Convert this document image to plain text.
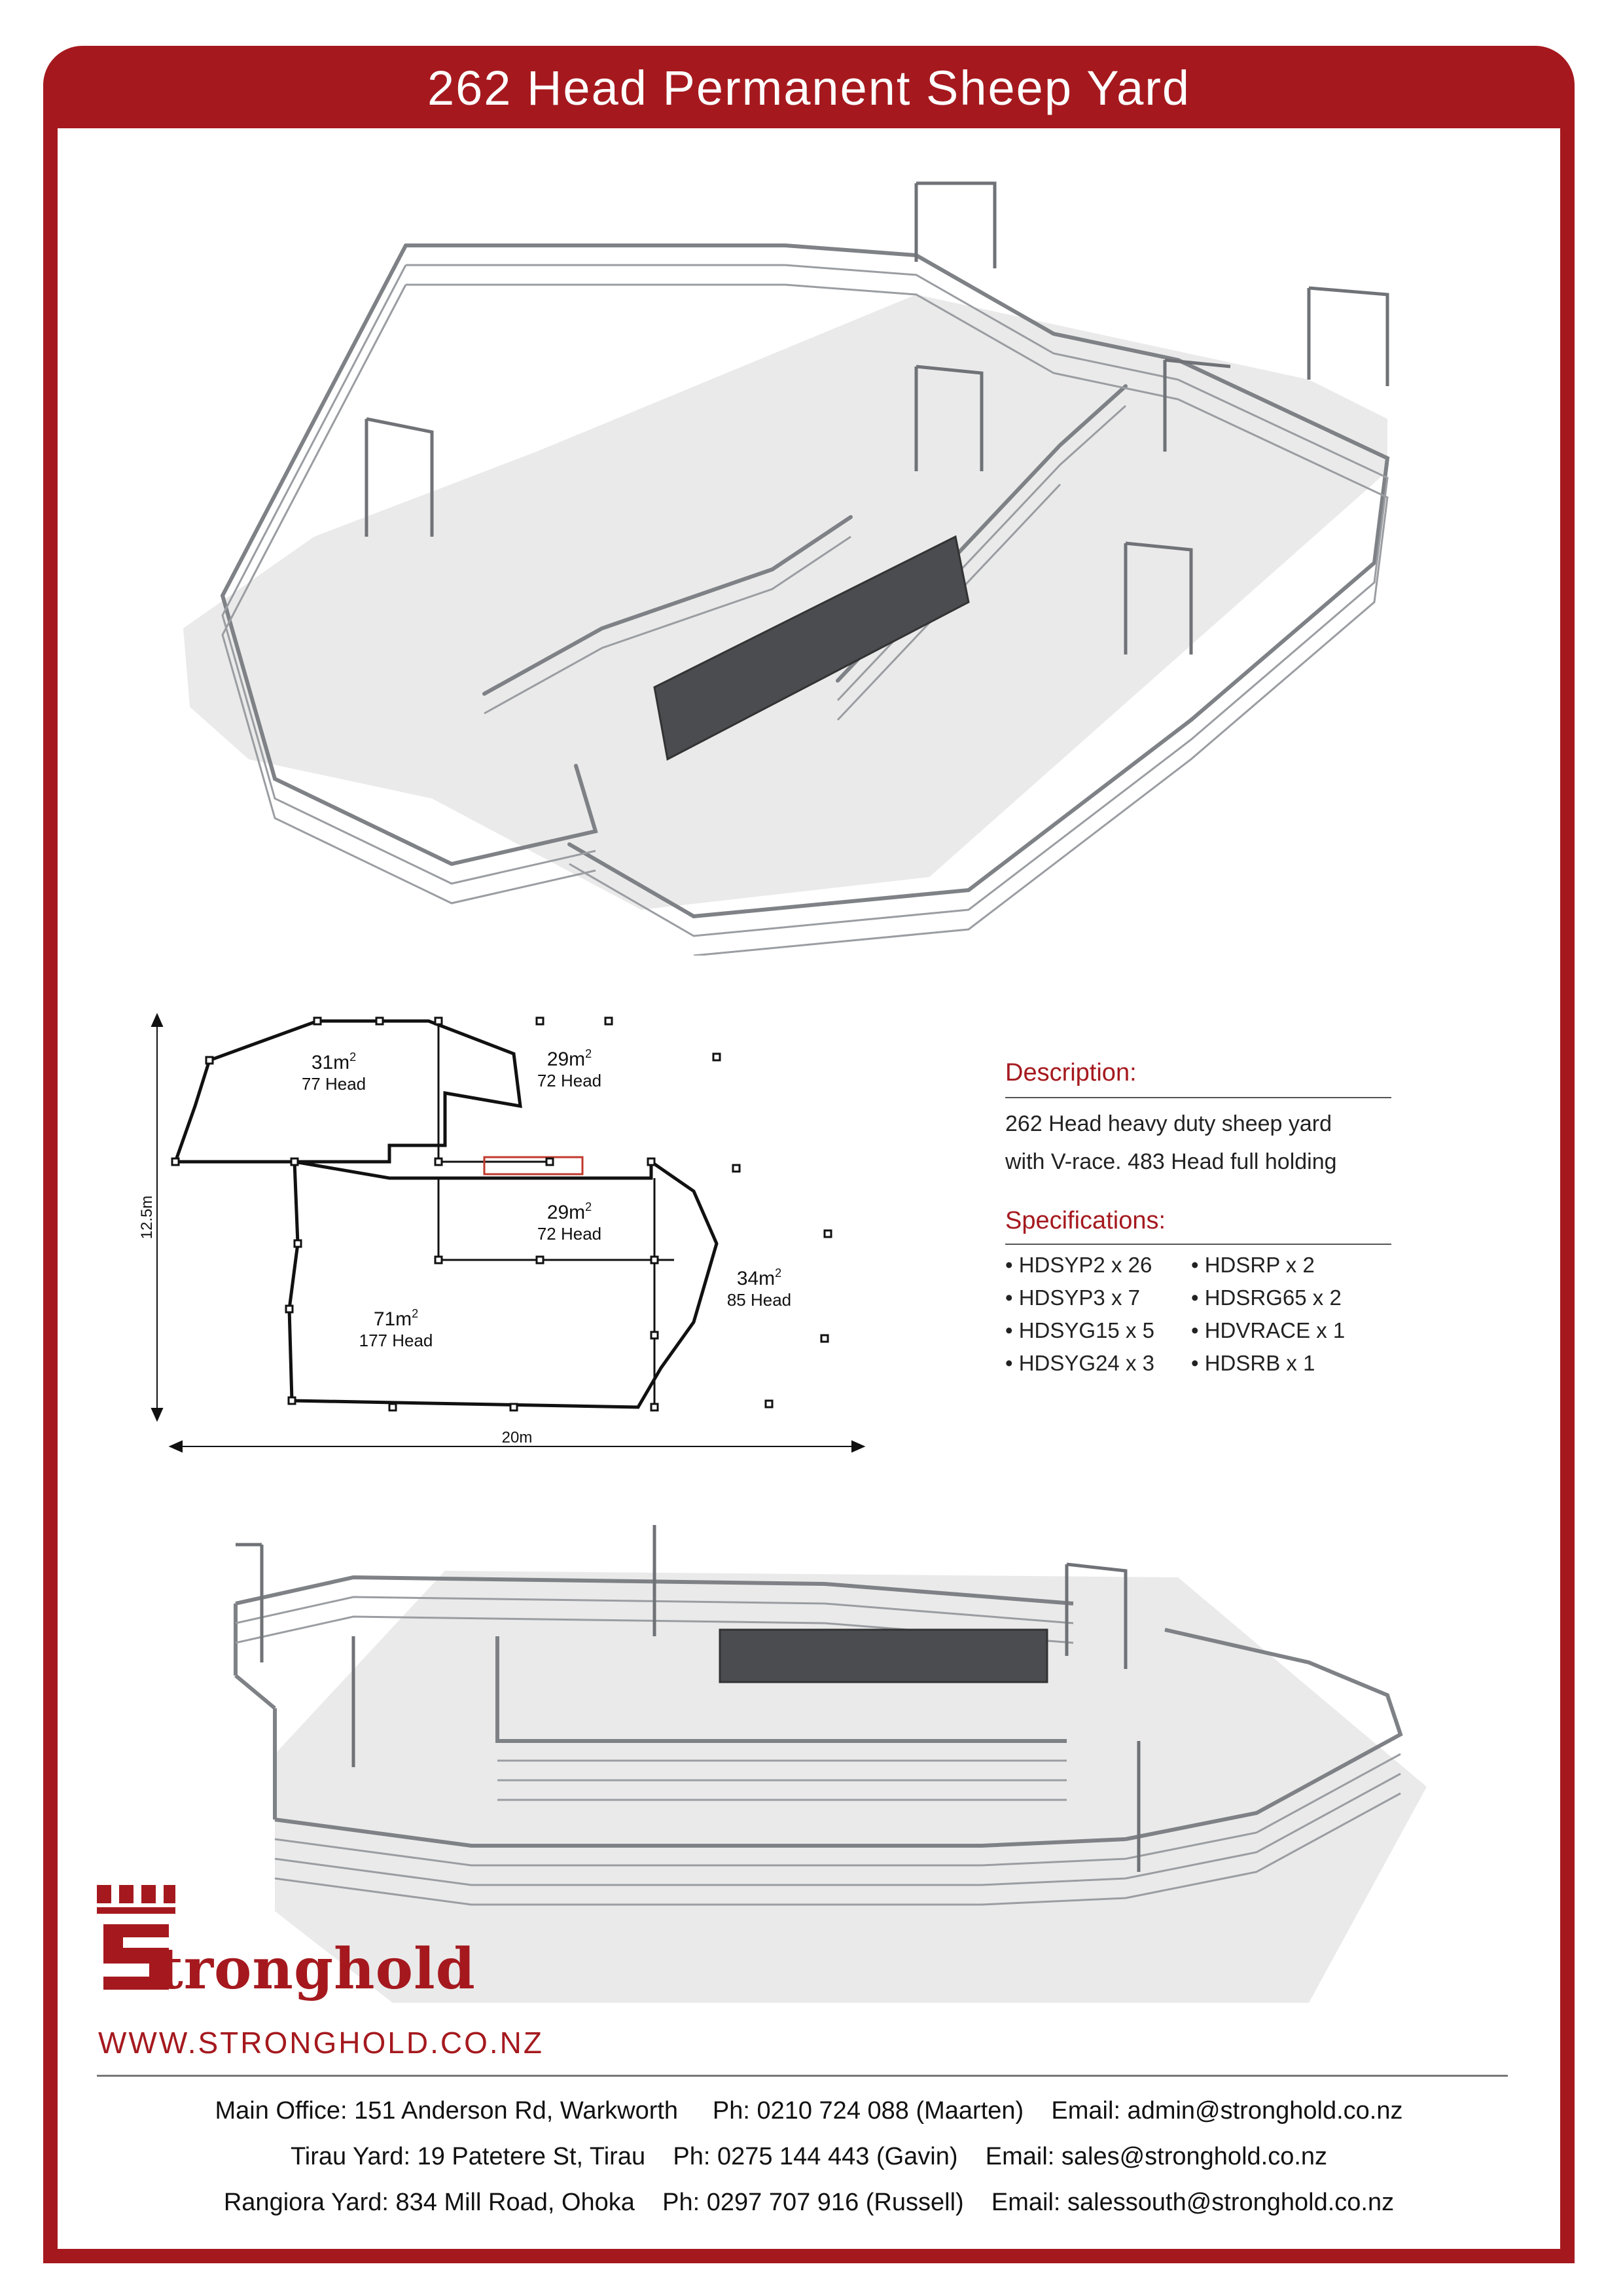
262 Head Permanent Sheep Yard
12.5m
20m
$31m^2$
77 Head
$29m^2$
72 Head
$29m^2$
72 Head
$71m^2$
177 Head
$34m^2$
85 Head
Description:
262 Head heavy duty sheep yard
with V-race. 483 Head full holding
Specifications:
• HDSYP2 x 26
• HDSYP3 x 7
• HDSYG15 x 5
• HDSYG24 x 3
• HDSRP x 2
• HDSRG65 x 2
• HDVRACE x 1
• HDSRB x 1
tronghold
WWW.STRONGHOLD.CO.NZ
Main Office: 151 Anderson Rd, Warkworth Ph: 0210 724 088 (Maarten) Email: admin@stronghold.co.nz
Tirau Yard: 19 Patetere St, Tirau Ph: 0275 144 443 (Gavin) Email: sales@stronghold.co.nz
Rangiora Yard: 834 Mill Road, Ohoka Ph: 0297 707 916 (Russell) Email: salessouth@stronghold.co.nz
